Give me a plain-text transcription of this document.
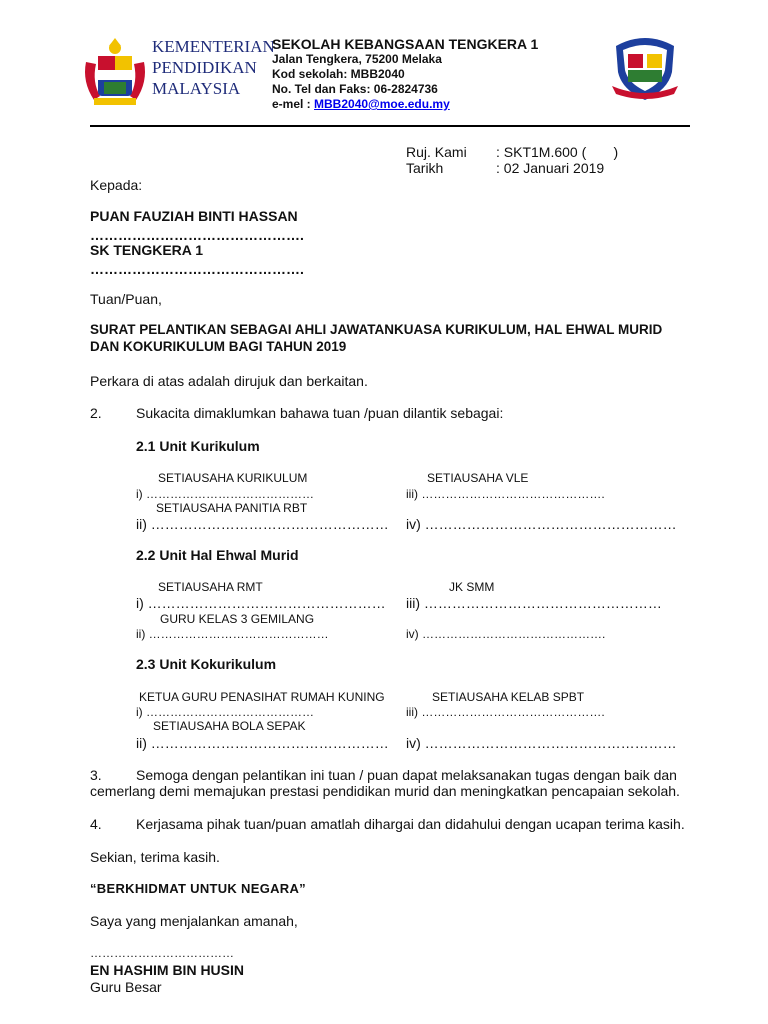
KEMENTERIAN
PENDIDIKAN
MALAYSIA
SEKOLAH KEBANGSAAN TENGKERA 1
Jalan Tengkera, 75200 Melaka
Kod sekolah: MBB2040
No. Tel dan Faks: 06-2824736
e-mel : MBB2040@moe.edu.my
Ruj. Kami : SKT1M.600 (       )
Tarikh	: 02 Januari 2019
Kepada:
PUAN FAUZIAH BINTI HASSAN
……………………………………….
SK TENGKERA 1
……………………………………….
Tuan/Puan,
SURAT PELANTIKAN SEBAGAI AHLI JAWATANKUASA KURIKULUM, HAL EHWAL MURID
DAN KOKURIKULUM BAGI TAHUN 2019
Perkara di atas adalah dirujuk dan berkaitan.
2. Sukacita dimaklumkan bahawa tuan /puan dilantik sebagai:
2.1 Unit Kurikulum
SETIAUSAHA KURIKULUM
i) ……………………………………
SETIAUSAHA PANITIA RBT
ii) ……………………………………………
SETIAUSAHA VLE
iii) ……………………………………….
iv) ………………………………………………
2.2 Unit Hal Ehwal Murid
SETIAUSAHA RMT
i) ……………………………………………
GURU KELAS 3 GEMILANG
ii) ………………………………………
JK SMM
iii) ……………………………………………
iv) ……………………………………….
2.3 Unit Kokurikulum
KETUA GURU PENASIHAT RUMAH KUNING
i) ……………………………………
SETIAUSAHA BOLA SEPAK
ii) ……………………………………………
SETIAUSAHA KELAB SPBT
iii) ……………………………………….
iv) ………………………………………………
3. Semoga dengan pelantikan ini tuan / puan dapat melaksanakan tugas dengan baik dan
cemerlang demi memajukan prestasi pendidikan murid dan meningkatkan pencapaian sekolah.
4. Kerjasama pihak tuan/puan amatlah dihargai dan didahului dengan ucapan terima kasih.
Sekian, terima kasih.
“BERKHIDMAT UNTUK NEGARA”
Saya yang menjalankan amanah,
………………………………
EN HASHIM BIN HUSIN
Guru Besar
